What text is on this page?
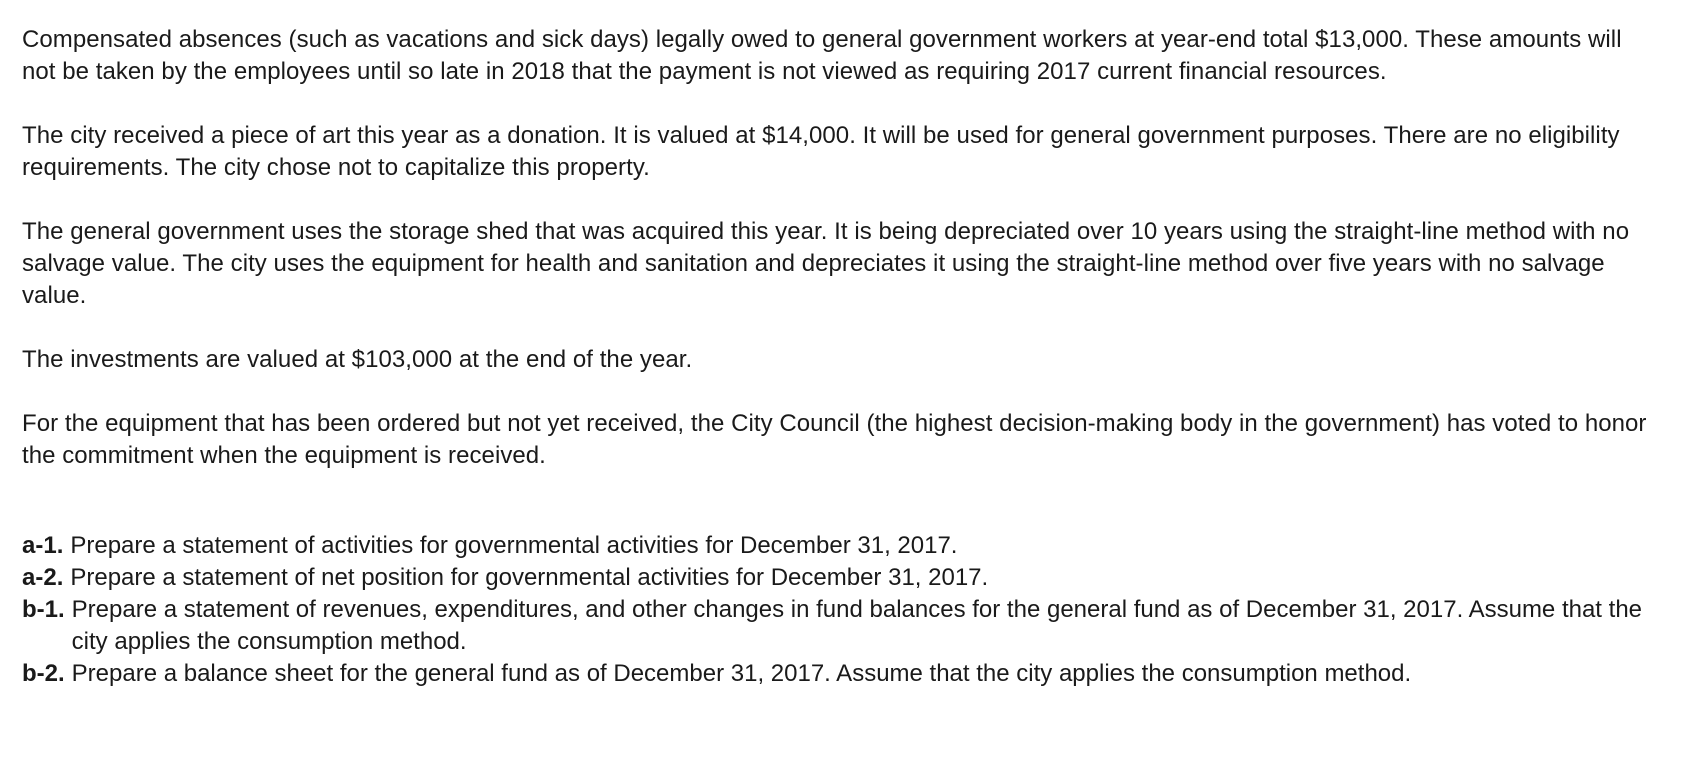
Compensated absences (such as vacations and sick days) legally owed to general government workers at year-end total $13,000. These amounts will not be taken by the employees until so late in 2018 that the payment is not viewed as requiring 2017 current financial resources.

The city received a piece of art this year as a donation. It is valued at $14,000. It will be used for general government purposes. There are no eligibility requirements. The city chose not to capitalize this property.

The general government uses the storage shed that was acquired this year. It is being depreciated over 10 years using the straight-line method with no salvage value. The city uses the equipment for health and sanitation and depreciates it using the straight-line method over five years with no salvage value.

The investments are valued at $103,000 at the end of the year.

For the equipment that has been ordered but not yet received, the City Council (the highest decision-making body in the government) has voted to honor the commitment when the equipment is received.

a-1. Prepare a statement of activities for governmental activities for December 31, 2017.
a-2. Prepare a statement of net position for governmental activities for December 31, 2017.
b-1. Prepare a statement of revenues, expenditures, and other changes in fund balances for the general fund as of December 31, 2017. Assume that the city applies the consumption method.
b-2. Prepare a balance sheet for the general fund as of December 31, 2017. Assume that the city applies the consumption method.
